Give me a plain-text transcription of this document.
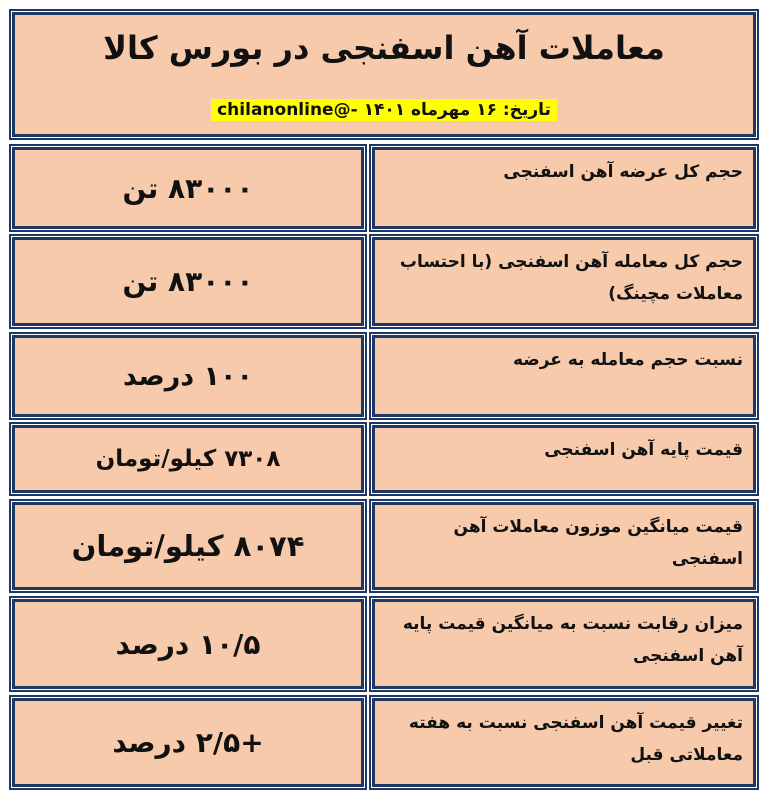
معاملات آهن اسفنجی در بورس کالا
تاریخ: ۱۶ مهرماه ۱۴۰۱ -@chilanonline
حجم کل عرضه آهن اسفنجی
۸۳۰۰۰ تن
حجم کل معامله آهن اسفنجی (با احتساب معاملات مچینگ)
۸۳۰۰۰ تن
نسبت حجم معامله به عرضه
۱۰۰ درصد
قیمت پایه آهن اسفنجی
۷۳۰۸ کیلو/تومان
قیمت میانگین موزون معاملات آهن اسفنجی
۸۰۷۴ کیلو/تومان
میزان رقابت نسبت به میانگین قیمت پایه آهن اسفنجی
۱۰/۵ درصد
تغییر قیمت آهن اسفنجی نسبت به هفته معاملاتی قبل
+۲/۵ درصد
